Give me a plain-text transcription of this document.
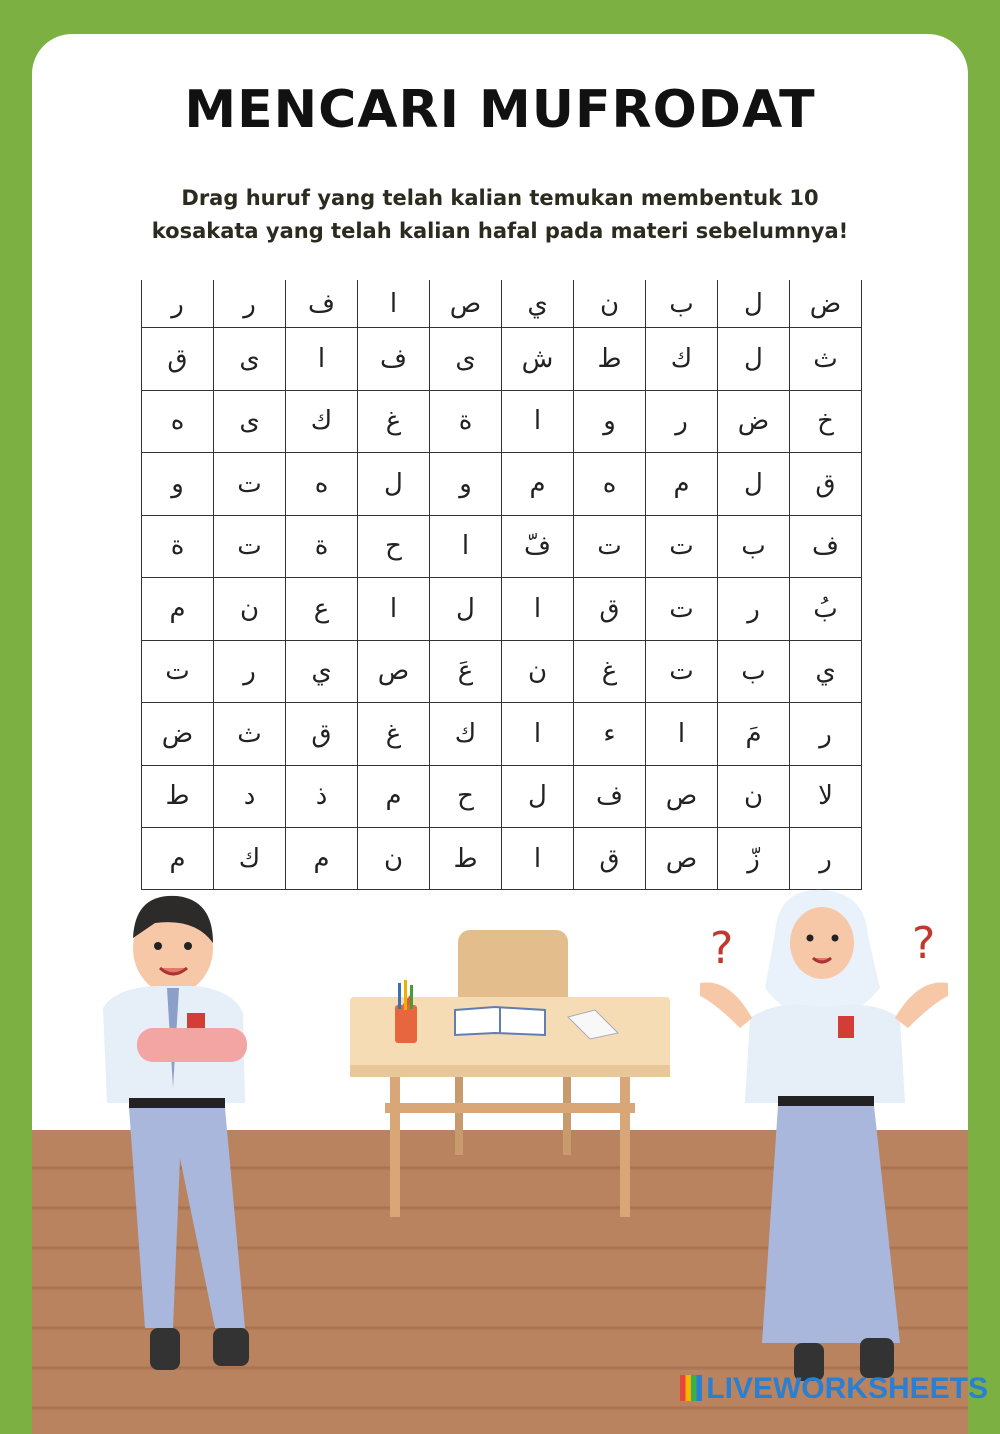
MENCARI MUFRODAT
Drag huruf yang telah kalian temukan membentuk 10
kosakata yang telah kalian hafal pada materi sebelumnya!
ر	ر	ف	ا	ص	ي	ن	ب	ل	ض
ق	ى	ا	ف	ى	ش	ط	ك	ل	ث
ه	ى	ك	غ	ة	ا	و	ر	ض	خ
و	ت	ه	ل	و	م	ه	م	ل	ق
ة	ت	ة	ح	ا	فّ	ت	ت	ب	ف
م	ن	ع	ا	ل	ا	ق	ت	ر	بُ
ت	ر	ي	ص	عَ	ن	غ	ت	ب	ي
ض	ث	ق	غ	ك	ا	ء	ا	مَ	ر
ط	د	ذ	م	ح	ل	ف	ص	ن	لا
م	ك	م	ن	ط	ا	ق	ص	زّ	ر
?	?
LIVEWORKSHEETS
